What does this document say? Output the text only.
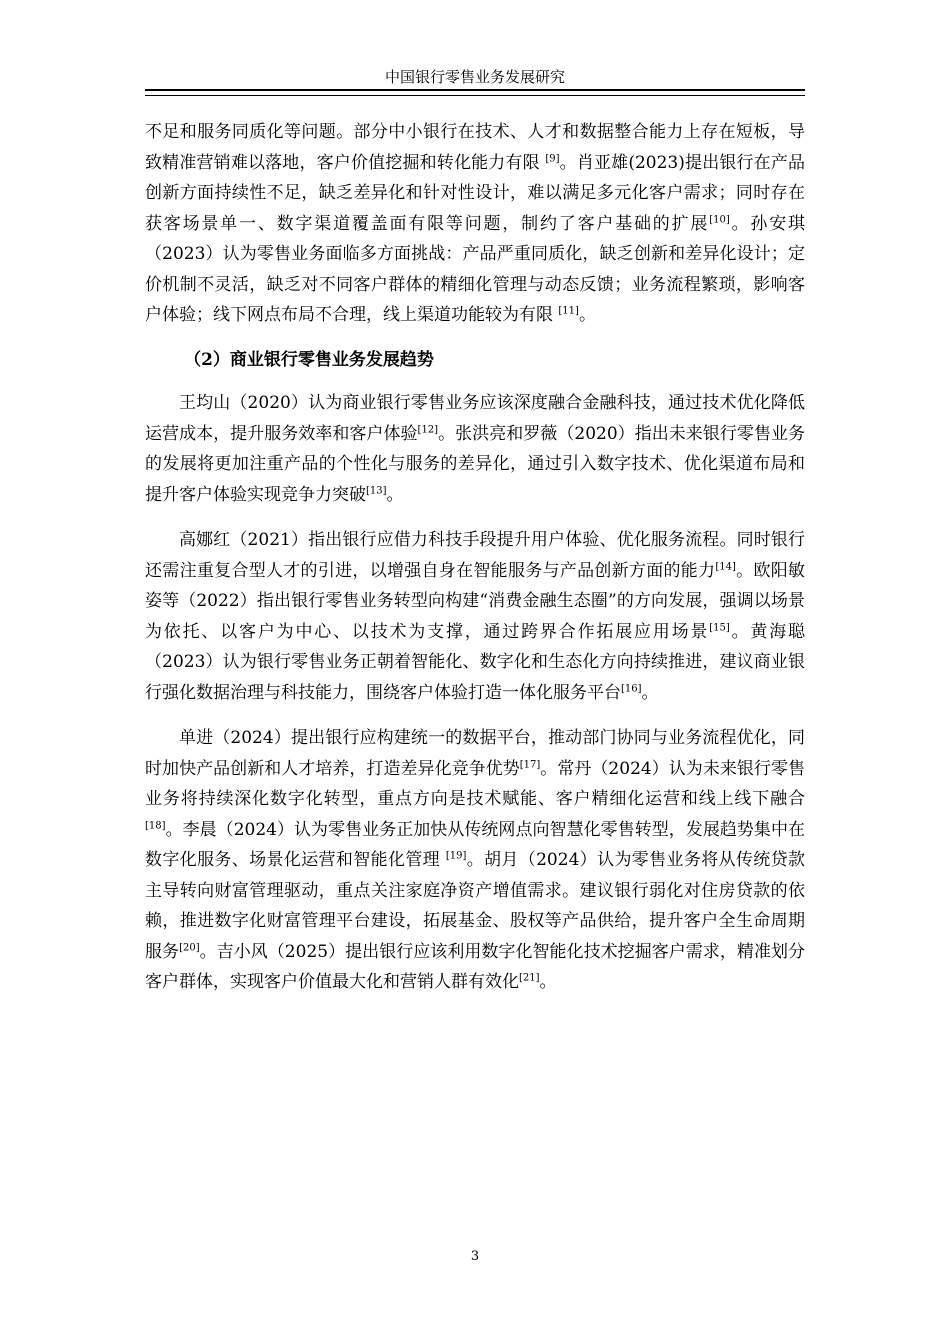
中国银行零售业务发展研究

不足和服务同质化等问题。部分中小银行在技术、人才和数据整合能力上存在短板，导致精准营销难以落地，客户价值挖掘和转化能力有限 [9]。肖亚雄(2023)提出银行在产品创新方面持续性不足，缺乏差异化和针对性设计，难以满足多元化客户需求；同时存在获客场景单一、数字渠道覆盖面有限等问题，制约了客户基础的扩展[10]。孙安琪（2023）认为零售业务面临多方面挑战：产品严重同质化，缺乏创新和差异化设计；定价机制不灵活，缺乏对不同客户群体的精细化管理与动态反馈；业务流程繁琐，影响客户体验；线下网点布局不合理，线上渠道功能较为有限 [11]。

（2）商业银行零售业务发展趋势

王均山（2020）认为商业银行零售业务应该深度融合金融科技，通过技术优化降低运营成本，提升服务效率和客户体验[12]。张洪亮和罗薇（2020）指出未来银行零售业务的发展将更加注重产品的个性化与服务的差异化，通过引入数字技术、优化渠道布局和提升客户体验实现竞争力突破[13]。

高娜红（2021）指出银行应借力科技手段提升用户体验、优化服务流程。同时银行还需注重复合型人才的引进，以增强自身在智能服务与产品创新方面的能力[14]。欧阳敏姿等（2022）指出银行零售业务转型向构建“消费金融生态圈”的方向发展，强调以场景为依托、以客户为中心、以技术为支撑，通过跨界合作拓展应用场景[15]。黄海聪（2023）认为银行零售业务正朝着智能化、数字化和生态化方向持续推进，建议商业银行强化数据治理与科技能力，围绕客户体验打造一体化服务平台[16]。

单进（2024）提出银行应构建统一的数据平台，推动部门协同与业务流程优化，同时加快产品创新和人才培养，打造差异化竞争优势[17]。常丹（2024）认为未来银行零售业务将持续深化数字化转型，重点方向是技术赋能、客户精细化运营和线上线下融合[18]。李晨（2024）认为零售业务正加快从传统网点向智慧化零售转型，发展趋势集中在数字化服务、场景化运营和智能化管理 [19]。胡月（2024）认为零售业务将从传统贷款主导转向财富管理驱动，重点关注家庭净资产增值需求。建议银行弱化对住房贷款的依赖，推进数字化财富管理平台建设，拓展基金、股权等产品供给，提升客户全生命周期服务[20]。吉小风（2025）提出银行应该利用数字化智能化技术挖掘客户需求，精准划分客户群体，实现客户价值最大化和营销人群有效化[21]。

3
